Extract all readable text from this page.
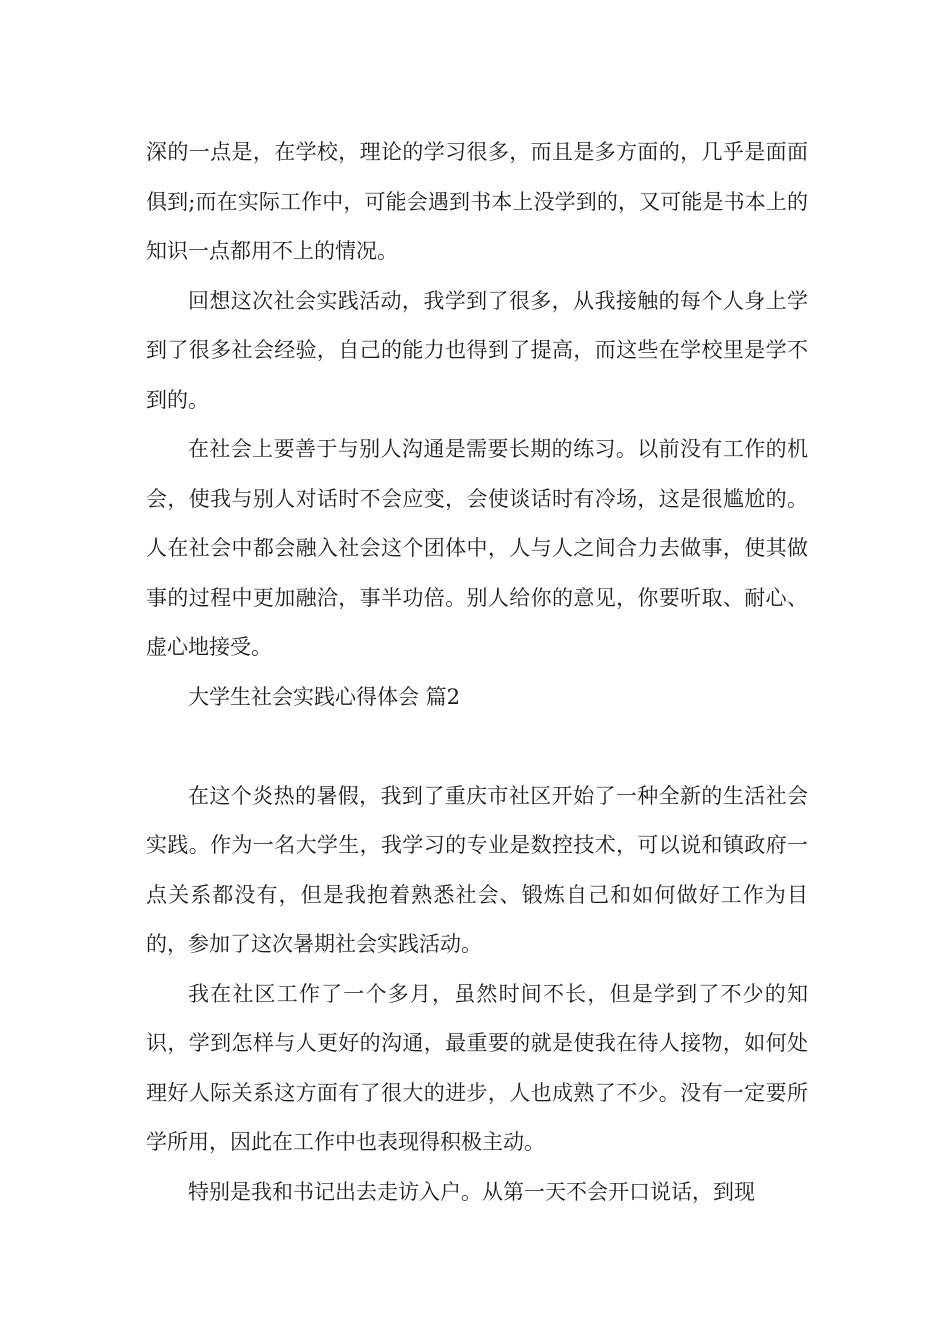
深的一点是，在学校，理论的学习很多，而且是多方面的，几乎是面面俱到;而在实际工作中，可能会遇到书本上没学到的，又可能是书本上的知识一点都用不上的情况。

回想这次社会实践活动，我学到了很多，从我接触的每个人身上学到了很多社会经验，自己的能力也得到了提高，而这些在学校里是学不到的。

在社会上要善于与别人沟通是需要长期的练习。以前没有工作的机会，使我与别人对话时不会应变，会使谈话时有冷场，这是很尴尬的。人在社会中都会融入社会这个团体中，人与人之间合力去做事，使其做事的过程中更加融洽，事半功倍。别人给你的意见，你要听取、耐心、虚心地接受。

大学生社会实践心得体会 篇2

在这个炎热的暑假，我到了重庆市社区开始了一种全新的生活社会实践。作为一名大学生，我学习的专业是数控技术，可以说和镇政府一点关系都没有，但是我抱着熟悉社会、锻炼自己和如何做好工作为目的，参加了这次暑期社会实践活动。

我在社区工作了一个多月，虽然时间不长，但是学到了不少的知识，学到怎样与人更好的沟通，最重要的就是使我在待人接物，如何处理好人际关系这方面有了很大的进步，人也成熟了不少。没有一定要所学所用，因此在工作中也表现得积极主动。

特别是我和书记出去走访入户。从第一天不会开口说话，到现
